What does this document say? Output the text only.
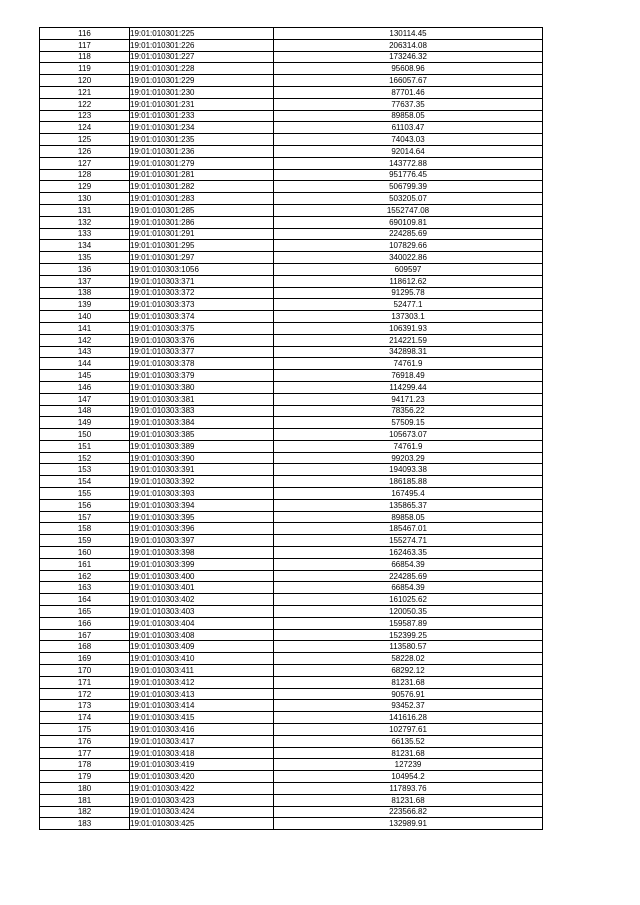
116	19:01:010301:225	130114.45
117	19:01:010301:226	206314.08
118	19:01:010301:227	173246.32
119	19:01:010301:228	95608.96
120	19:01:010301:229	166057.67
121	19:01:010301:230	87701.46
122	19:01:010301:231	77637.35
123	19:01:010301:233	89858.05
124	19:01:010301:234	61103.47
125	19:01:010301:235	74043.03
126	19:01:010301:236	92014.64
127	19:01:010301:279	143772.88
128	19:01:010301:281	951776.45
129	19:01:010301:282	506799.39
130	19:01:010301:283	503205.07
131	19:01:010301:285	1552747.08
132	19:01:010301:286	690109.81
133	19:01:010301:291	224285.69
134	19:01:010301:295	107829.66
135	19:01:010301:297	340022.86
136	19:01:010303:1056	609597
137	19:01:010303:371	118612.62
138	19:01:010303:372	91295.78
139	19:01:010303:373	52477.1
140	19:01:010303:374	137303.1
141	19:01:010303:375	106391.93
142	19:01:010303:376	214221.59
143	19:01:010303:377	342898.31
144	19:01:010303:378	74761.9
145	19:01:010303:379	76918.49
146	19:01:010303:380	114299.44
147	19:01:010303:381	94171.23
148	19:01:010303:383	78356.22
149	19:01:010303:384	57509.15
150	19:01:010303:385	105673.07
151	19:01:010303:389	74761.9
152	19:01:010303:390	99203.29
153	19:01:010303:391	194093.38
154	19:01:010303:392	186185.88
155	19:01:010303:393	167495.4
156	19:01:010303:394	135865.37
157	19:01:010303:395	89858.05
158	19:01:010303:396	185467.01
159	19:01:010303:397	155274.71
160	19:01:010303:398	162463.35
161	19:01:010303:399	66854.39
162	19:01:010303:400	224285.69
163	19:01:010303:401	66854.39
164	19:01:010303:402	161025.62
165	19:01:010303:403	120050.35
166	19:01:010303:404	159587.89
167	19:01:010303:408	152399.25
168	19:01:010303:409	113580.57
169	19:01:010303:410	58228.02
170	19:01:010303:411	68292.12
171	19:01:010303:412	81231.68
172	19:01:010303:413	90576.91
173	19:01:010303:414	93452.37
174	19:01:010303:415	141616.28
175	19:01:010303:416	102797.61
176	19:01:010303:417	66135.52
177	19:01:010303:418	81231.68
178	19:01:010303:419	127239
179	19:01:010303:420	104954.2
180	19:01:010303:422	117893.76
181	19:01:010303:423	81231.68
182	19:01:010303:424	223566.82
183	19:01:010303:425	132989.91
